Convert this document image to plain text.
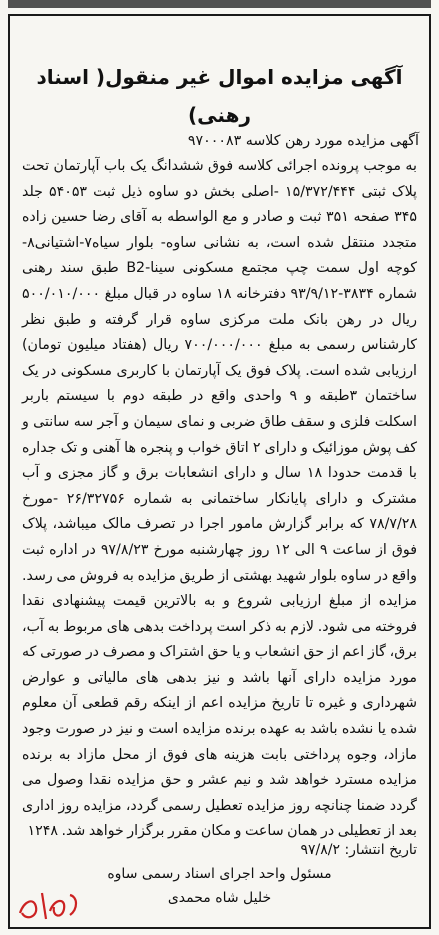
آگهی مزایده اموال غیر منقول( اسناد رهنی)
آگهی مزایده مورد رهن کلاسه ۹۷۰۰۰۸۳
به موجب پرونده اجرائی کلاسه فوق ششدانگ یک باب آپارتمان تحت پلاک ثبتی ۱۵/۳۷۲/۴۴۴ -اصلی بخش دو ساوه ذیل ثبت ۵۴۰۵۳ جلد ۳۴۵ صفحه ۳۵۱ ثبت و صادر و مع الواسطه به آقای رضا حسین زاده متجدد منتقل شده است، به نشانی ساوه- بلوار سیاه۷-اشتیانی۸-کوچه اول سمت چپ مجتمع مسکونی سینا-B2 طبق سند رهنی شماره ۳۸۳۴-۹۳/۹/۱۲ دفترخانه ۱۸ ساوه در قبال مبلغ ۵۰۰/۰۱۰/۰۰۰ ریال در رهن بانک ملت مرکزی ساوه قرار گرفته و طبق نظر کارشناس رسمی به مبلغ ۷۰۰/۰۰۰/۰۰۰ ریال (هفتاد میلیون تومان) ارزیابی شده است. پلاک فوق یک آپارتمان با کاربری مسکونی در یک ساختمان ۳طبقه و ۹ واحدی واقع در طبقه دوم با سیستم باربر اسکلت فلزی و سقف طاق ضربی و نمای سیمان و آجر سه سانتی و کف پوش موزائیک و دارای ۲ اتاق خواب و پنجره ها آهنی و تک جداره با قدمت حدودا ۱۸ سال و دارای انشعابات برق و گاز مجزی و آب مشترک و دارای پایانکار ساختمانی به شماره ۲۶/۳۲۷۵۶ -مورخ ۷۸/۷/۲۸ که برابر گزارش مامور اجرا در تصرف مالک میباشد، پلاک فوق از ساعت ۹ الی ۱۲ روز چهارشنبه مورخ ۹۷/۸/۲۳ در اداره ثبت واقع در ساوه بلوار شهید بهشتی از طریق مزایده به فروش می رسد. مزایده از مبلغ ارزیابی شروع و به بالاترین قیمت پیشنهادی نقدا فروخته می شود. لازم به ذکر است پرداخت بدهی های مربوط به آب، برق، گاز اعم از حق انشعاب و یا حق اشتراک و مصرف در صورتی که مورد مزایده دارای آنها باشد و نیز بدهی های مالیاتی و عوارض شهرداری و غیره تا تاریخ مزایده اعم از اینکه رقم قطعی آن معلوم شده یا نشده باشد به عهده برنده مزایده است و نیز در صورت وجود مازاد، وجوه پرداختی بابت هزینه های فوق از محل مازاد به برنده مزایده مسترد خواهد شد و نیم عشر و حق مزایده نقدا وصول می گردد ضمنا چنانچه روز مزایده تعطیل رسمی گردد، مزایده روز اداری بعد از تعطیلی در همان ساعت و مکان مقرر برگزار خواهد شد. ۱۲۴۸
تاریخ انتشار: ۹۷/۸/۲
مسئول واحد اجرای اسناد رسمی ساوه
خلیل شاه محمدی
